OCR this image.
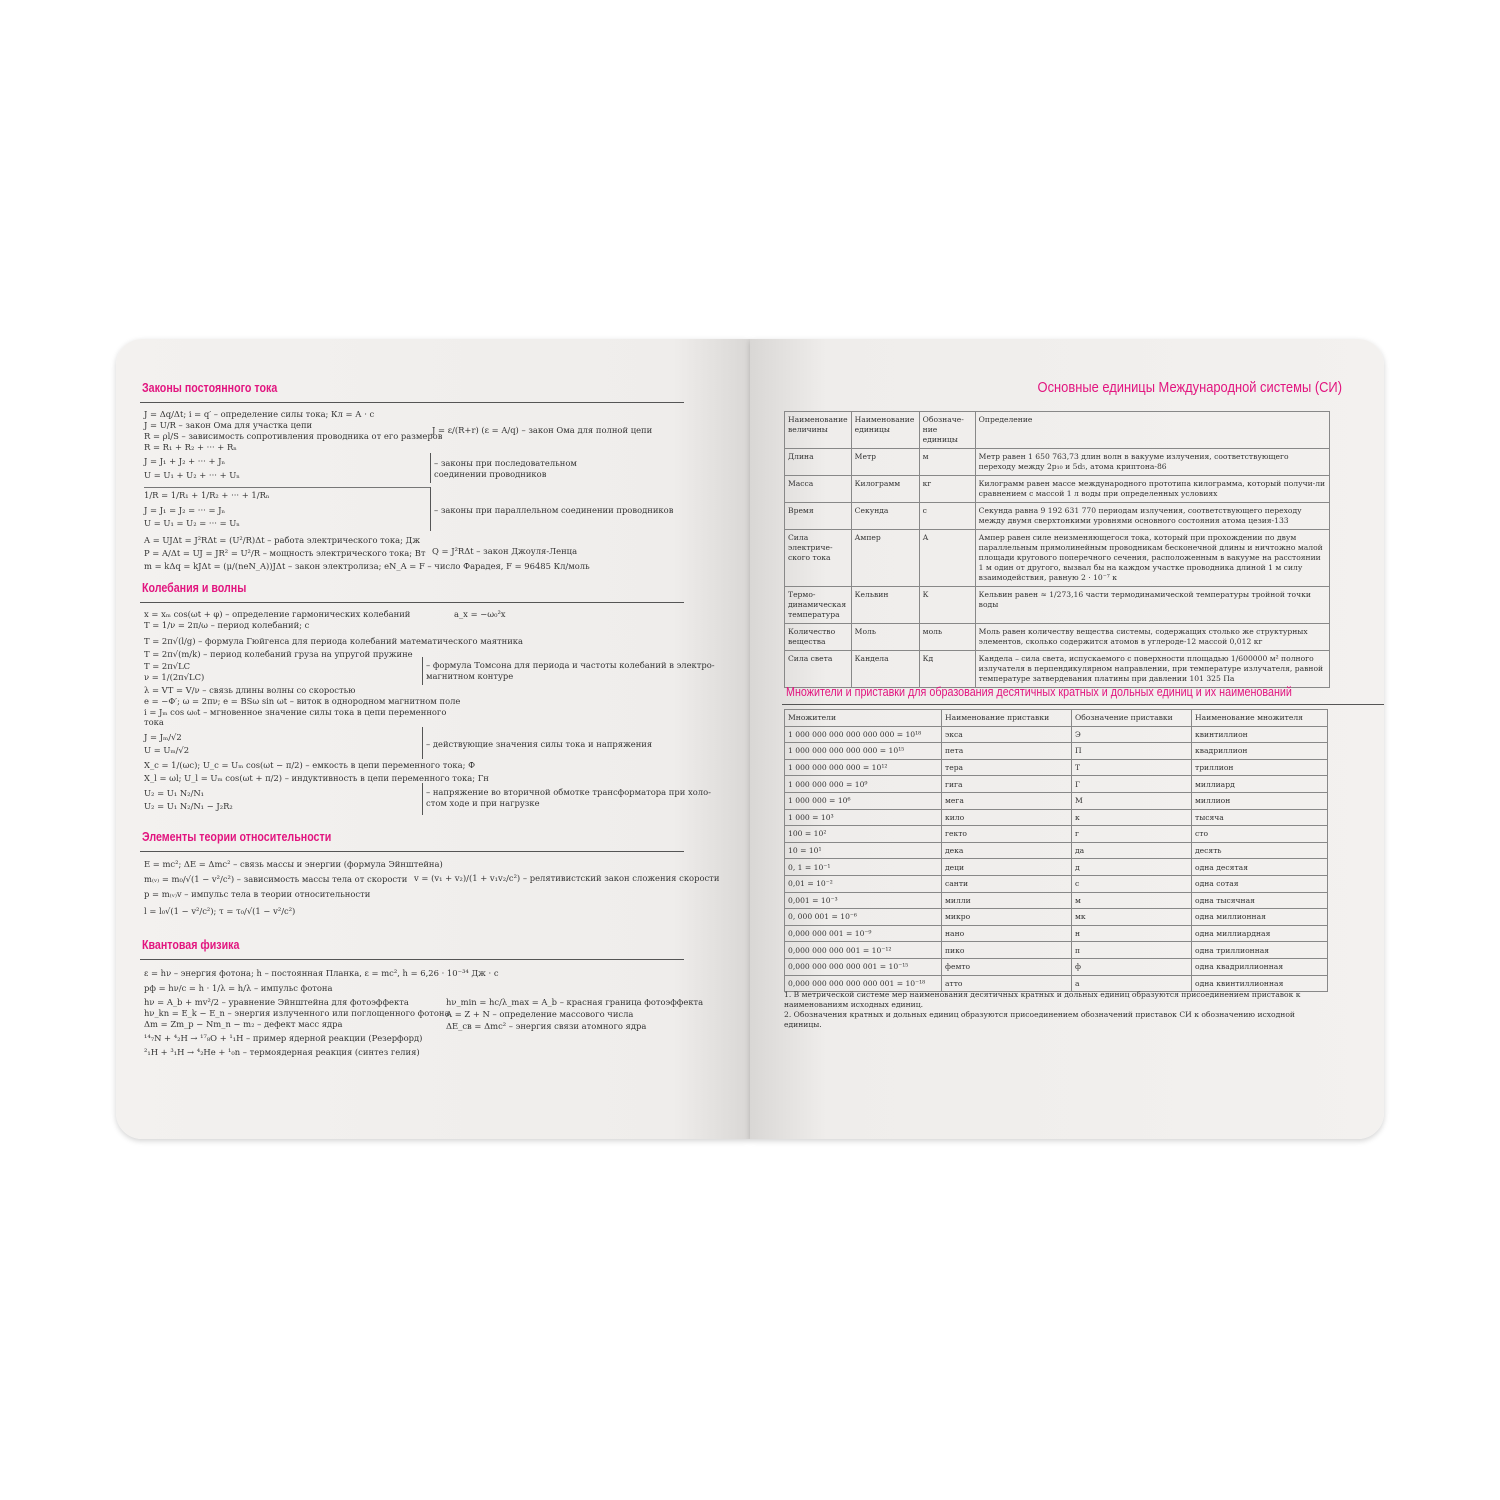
Законы постоянного тока
J = Δq/Δt; i = q′ – определение силы тока; Кл = А · с
J = U/R – закон Ома для участка цепи	J = ε/(R+r) (ε = A/q) – закон Ома для полной цепи
R = ρl/S – зависимость сопротивления проводника от его размеров
R = R₁ + R₂ + ··· + Rₙ
J = J₁ + J₂ + ··· + Jₙ
U = U₁ + U₂ + ··· + Uₙ
– законы при последовательном
соединении проводников
1/R = 1/R₁ + 1/R₂ + ··· + 1/Rₙ
J = J₁ = J₂ = ··· = Jₙ
U = U₁ = U₂ = ··· = Uₙ
– законы при параллельном соединении проводников
A = UJΔt = J²RΔt = (U²/R)Δt – работа электрического тока; Дж
P = A/Δt = UJ = JR² = U²/R – мощность электрического тока; Вт Q = J²RΔt – закон Джоуля-Ленца
m = kΔq = kJΔt = (μ/(neN_A))JΔt – закон электролиза; eN_A = F – число Фарадея, F = 96485 Кл/моль
Колебания и волны
x = xₘ cos(ωt + φ) – определение гармонических колебаний	a_x = −ω₀²x
T = 1/ν = 2π/ω – период колебаний; с
T = 2π√(l/g) – формула Гюйгенса для периода колебаний математического маятника
T = 2π√(m/k) – период колебаний груза на упругой пружине
T = 2π√LC
ν = 1/(2π√LC)
– формула Томсона для периода и частоты колебаний в электро-
магнитном контуре
λ = VT = V/ν – связь длины волны со скоростью
e = −Φ′; ω = 2πν; e = BSω sin ωt – виток в однородном магнитном поле
i = Jₘ cos ω₀t – мгновенное значение силы тока в цепи переменного
тока
J = Jₘ/√2
U = Uₘ/√2
– действующие значения силы тока и напряжения
X_c = 1/(ωc); U_c = Uₘ cos(ωt − π/2) – емкость в цепи переменного тока; Ф
X_l = ωl; U_l = Uₘ cos(ωt + π/2) – индуктивность в цепи переменного тока; Гн
U₂ = U₁ N₂/N₁
U₂ = U₁ N₂/N₁ − J₂R₂
– напряжение во вторичной обмотке трансформатора при холо-
стом ходе и при нагрузке
Элементы теории относительности
E = mc²; ΔE = Δmc² – связь массы и энергии (формула Эйнштейна)
m₍ᵥ₎ = m₀/√(1 − v²/c²) – зависимость массы тела от скорости v = (v₁ + v₂)/(1 + v₁v₂/c²) – релятивистский закон сложения скорости
p = m₍ᵥ₎v – импульс тела в теории относительности
l = l₀√(1 − v²/c²); τ = τ₀/√(1 − v²/c²)
Квантовая физика
ε = hν – энергия фотона; h – постоянная Планка, ε = mc², h = 6,26 · 10⁻³⁴ Дж · с
pф = hν/c = h · 1/λ = h/λ – импульс фотона
hν = A_b + mv²/2 – уравнение Эйнштейна для фотоэффекта	hν_min = hc/λ_max = A_b – красная граница фотоэффекта
hν_kn = E_k − E_n – энергия излученного или поглощенного фотона
A = Z + N – определение массового числа
Δm = Zm_p − Nm_n − m₂ – дефект масс ядра	ΔE_cв = Δmc² – энергия связи атомного ядра
¹⁴₇N + ⁴₂H → ¹⁷₈O + ¹₁H – пример ядерной реакции (Резерфорд)
²₁H + ³₁H → ⁴₂He + ¹₀n – термоядерная реакция (синтез гелия)
Основные единицы Международной системы (СИ)
Наименование величины	Наименование единицы	Обозначе-ние единицы	Определение
Длина	Метр	м	Метр равен 1 650 763,73 длин волн в вакууме излучения, соответствующего переходу между 2p₁₀ и 5d₅, атома криптона-86
Масса	Килограмм	кг	Килограмм равен массе международного прототипа килограмма, который получи-ли сравнением с массой 1 л воды при определенных условиях
Время	Секунда	с	Секунда равна 9 192 631 770 периодам излучения, соответствующего переходу между двумя сверхтонкими уровнями основного состояния атома цезия-133
Сила электриче-ского тока	Ампер	А	Ампер равен силе неизменяющегося тока, который при прохождении по двум параллельным прямолинейным проводникам бесконечной длины и ничтожно малой площади кругового поперечного сечения, расположенным в вакууме на расстоянии 1 м один от другого, вызвал бы на каждом участке проводника длиной 1 м силу взаимодействия, равную 2 · 10⁻⁷ к
Термо-динамическая температура	Кельвин	К	Кельвин равен ≈ 1/273,16 части термодинамической температуры тройной точки воды
Количество вещества	Моль	моль	Моль равен количеству вещества системы, содержащих столько же структурных элементов, сколько содержится атомов в углероде-12 массой 0,012 кг
Сила света	Кандела	Кд	Кандела – сила света, испускаемого с поверхности площадью 1/600000 м² полного излучателя в перпендикулярном направлении, при температуре излучателя, равной температуре затвердевания платины при давлении 101 325 Па
Множители и приставки для образования десятичных кратных и дольных единиц и их наименований
Множители	Наименование приставки	Обозначение приставки	Наименование множителя
1 000 000 000 000 000 000 = 10¹⁸	экса	Э	квинтиллион
1 000 000 000 000 000 = 10¹⁵	пета	П	квадриллион
1 000 000 000 000 = 10¹²	тера	Т	триллион
1 000 000 000 = 10⁹	гига	Г	миллиард
1 000 000 = 10⁶	мега	М	миллион
1 000 = 10³	кило	к	тысяча
100 = 10²	гекто	г	сто
10 = 10¹	дека	да	десять
0, 1 = 10⁻¹	деци	д	одна десятая
0,01 = 10⁻²	санти	с	одна сотая
0,001 = 10⁻³	милли	м	одна тысячная
0, 000 001 = 10⁻⁶	микро	мк	одна миллионная
0,000 000 001 = 10⁻⁹	нано	н	одна миллиардная
0,000 000 000 001 = 10⁻¹²	пико	п	одна триллионная
0,000 000 000 000 001 = 10⁻¹⁵	фемто	ф	одна квадриллионная
0,000 000 000 000 000 001 = 10⁻¹⁸	атто	а	одна квинтиллионная
1. В метрической системе мер наименования десятичных кратных и дольных единиц образуются присоединением приставок к наименованиям исходных единиц.
2. Обозначения кратных и дольных единиц образуются присоединением обозначений приставок СИ к обозначению исходной единицы.
